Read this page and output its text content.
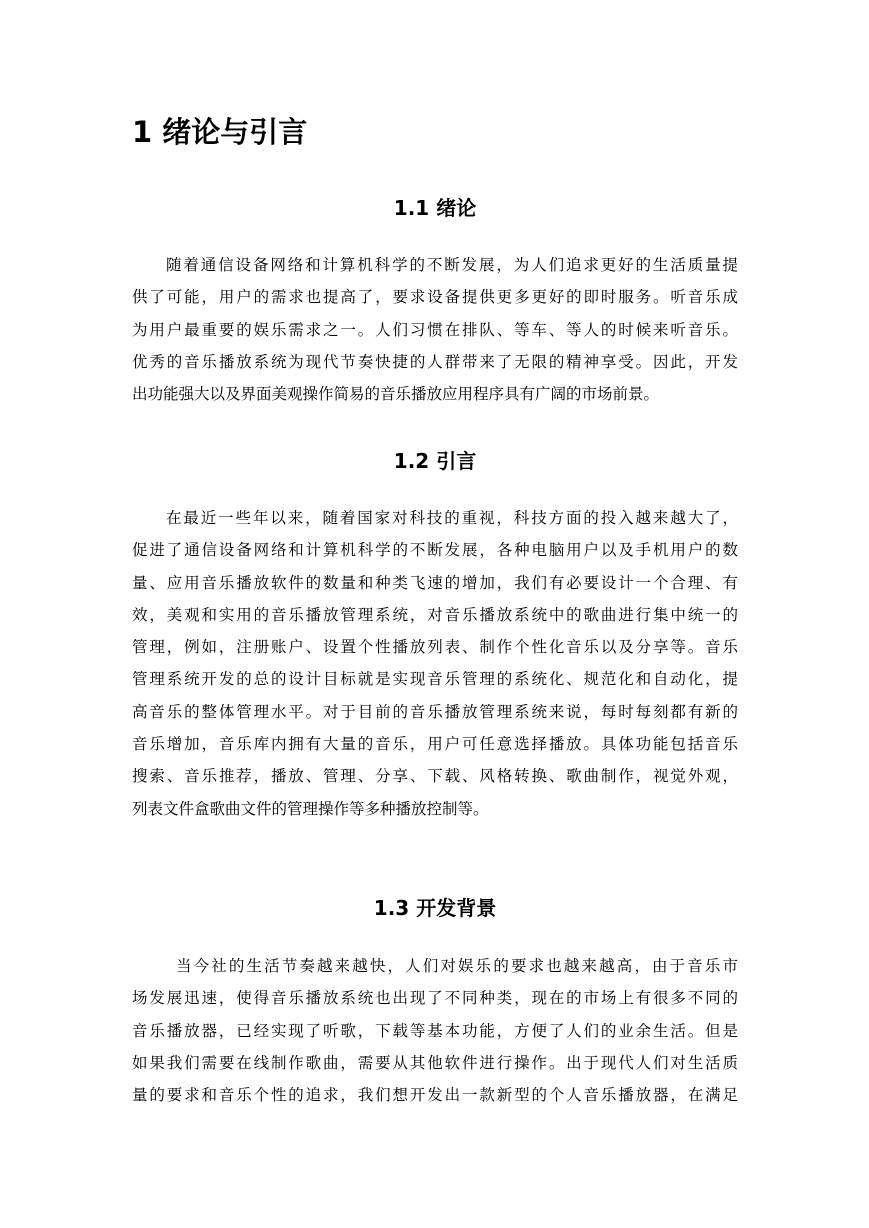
1 绪论与引言
1.1 绪论
随着通信设备网络和计算机科学的不断发展，为人们追求更好的生活质量提
供了可能，用户的需求也提高了，要求设备提供更多更好的即时服务。听音乐成
为用户最重要的娱乐需求之一。人们习惯在排队、等车、等人的时候来听音乐。
优秀的音乐播放系统为现代节奏快捷的人群带来了无限的精神享受。因此，开发
出功能强大以及界面美观操作简易的音乐播放应用程序具有广阔的市场前景。
1.2 引言
在最近一些年以来，随着国家对科技的重视，科技方面的投入越来越大了，
促进了通信设备网络和计算机科学的不断发展，各种电脑用户以及手机用户的数
量、应用音乐播放软件的数量和种类飞速的增加，我们有必要设计一个合理、有
效，美观和实用的音乐播放管理系统，对音乐播放系统中的歌曲进行集中统一的
管理，例如，注册账户、设置个性播放列表、制作个性化音乐以及分享等。音乐
管理系统开发的总的设计目标就是实现音乐管理的系统化、规范化和自动化，提
高音乐的整体管理水平。对于目前的音乐播放管理系统来说，每时每刻都有新的
音乐增加，音乐库内拥有大量的音乐，用户可任意选择播放。具体功能包括音乐
搜索、音乐推荐，播放、管理、分享、下载、风格转换、歌曲制作，视觉外观，
列表文件盒歌曲文件的管理操作等多种播放控制等。
1.3 开发背景
当今社的生活节奏越来越快，人们对娱乐的要求也越来越高，由于音乐市
场发展迅速，使得音乐播放系统也出现了不同种类，现在的市场上有很多不同的
音乐播放器，已经实现了听歌，下载等基本功能，方便了人们的业余生活。但是
如果我们需要在线制作歌曲，需要从其他软件进行操作。出于现代人们对生活质
量的要求和音乐个性的追求，我们想开发出一款新型的个人音乐播放器，在满足
